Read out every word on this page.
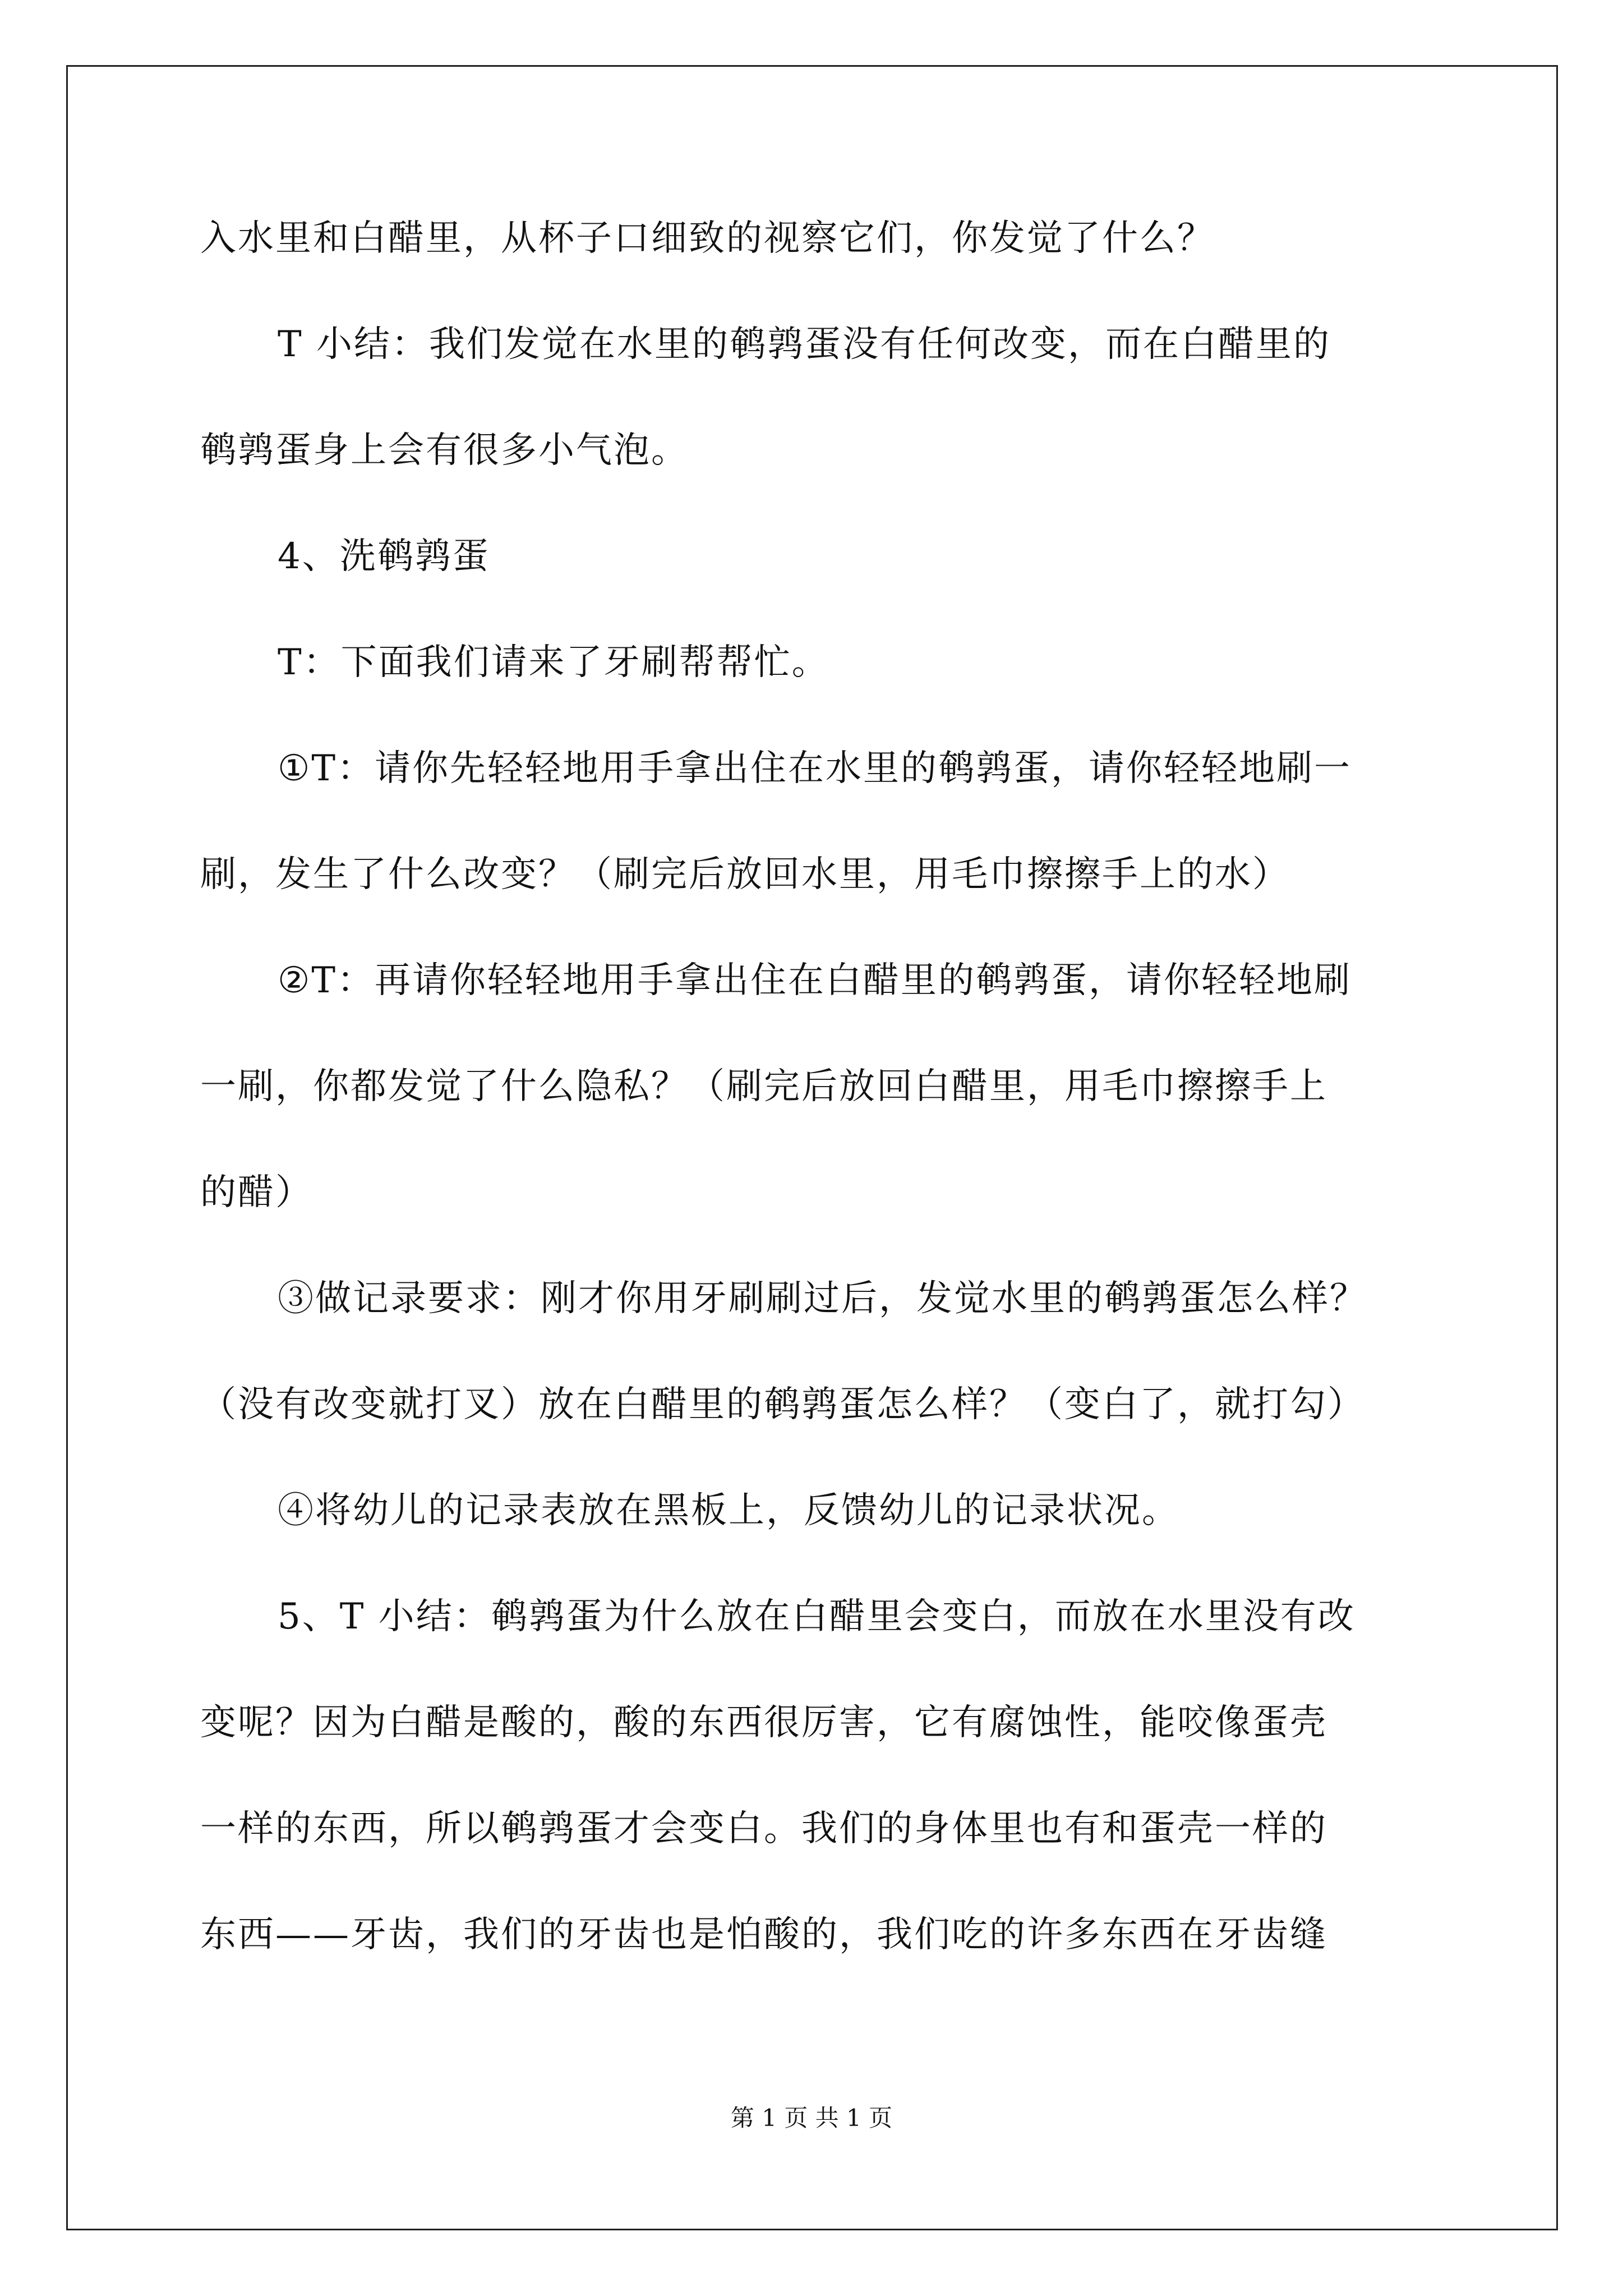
入水里和白醋里，从杯子口细致的视察它们，你发觉了什么？
T 小结：我们发觉在水里的鹌鹑蛋没有任何改变，而在白醋里的
鹌鹑蛋身上会有很多小气泡。
4、洗鹌鹑蛋
T：下面我们请来了牙刷帮帮忙。
①T：请你先轻轻地用手拿出住在水里的鹌鹑蛋，请你轻轻地刷一
刷，发生了什么改变？（刷完后放回水里，用毛巾擦擦手上的水）
②T：再请你轻轻地用手拿出住在白醋里的鹌鹑蛋，请你轻轻地刷
一刷，你都发觉了什么隐私？（刷完后放回白醋里，用毛巾擦擦手上
的醋）
③做记录要求：刚才你用牙刷刷过后，发觉水里的鹌鹑蛋怎么样？
（没有改变就打叉）放在白醋里的鹌鹑蛋怎么样？（变白了，就打勾）
④将幼儿的记录表放在黑板上，反馈幼儿的记录状况。
5、T 小结：鹌鹑蛋为什么放在白醋里会变白，而放在水里没有改
变呢？因为白醋是酸的，酸的东西很厉害，它有腐蚀性，能咬像蛋壳
一样的东西，所以鹌鹑蛋才会变白。我们的身体里也有和蛋壳一样的
东西——牙齿，我们的牙齿也是怕酸的，我们吃的许多东西在牙齿缝
第 1 页 共 1 页
